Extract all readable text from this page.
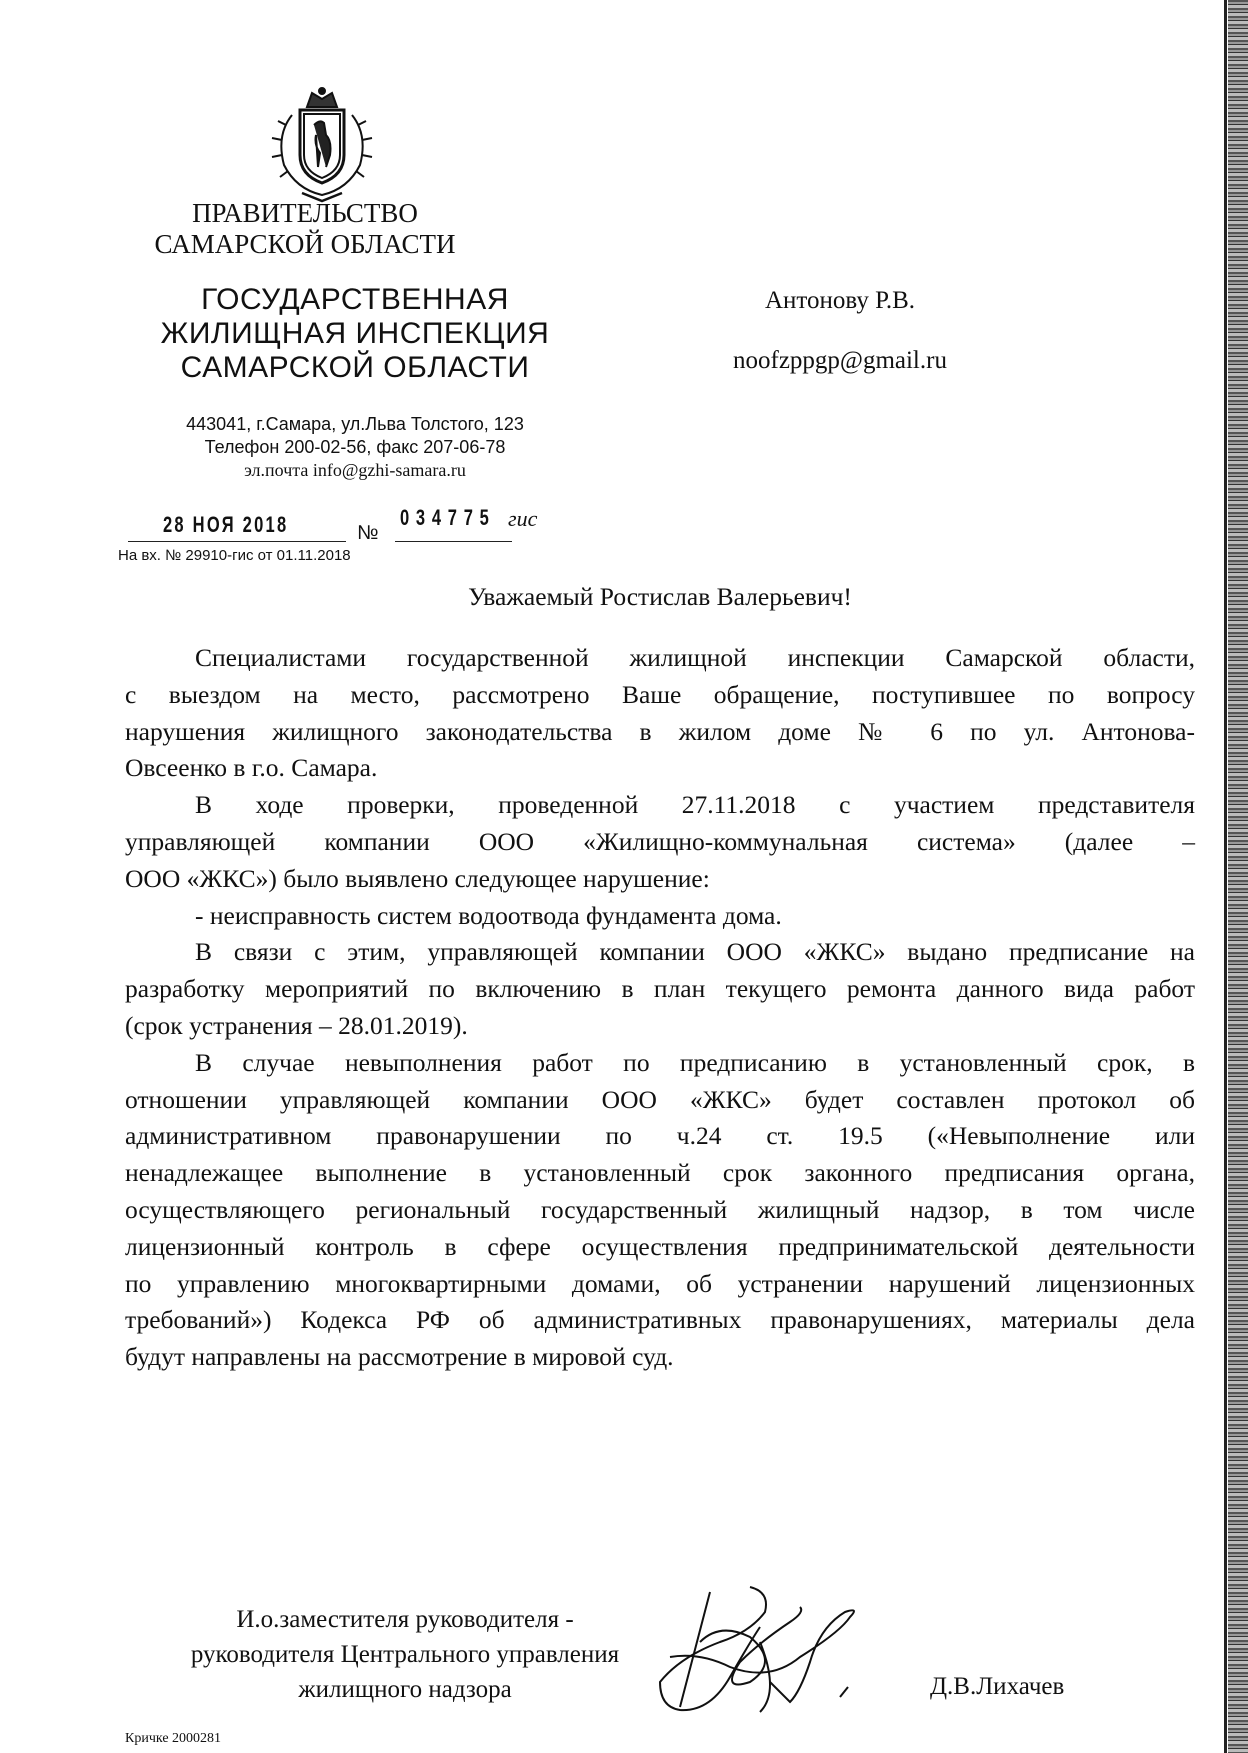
ПРАВИТЕЛЬСТВО
САМАРСКОЙ ОБЛАСТИ
ГОСУДАРСТВЕННАЯ
ЖИЛИЩНАЯ ИНСПЕКЦИЯ
САМАРСКОЙ ОБЛАСТИ
443041, г.Самара, ул.Льва Толстого, 123
Телефон 200-02-56, факс 207-06-78
эл.почта info@gzhi-samara.ru
28 НОЯ 2018	№
034775 гис
На вх. № 29910-гис от 01.11.2018
Антонову Р.В.
noofzppgp@gmail.ru
Уважаемый Ростислав Валерьевич!
Специалистами государственной жилищной инспекции Самарской области,
с выездом на место, рассмотрено Ваше обращение, поступившее по вопросу
нарушения жилищного законодательства в жилом доме № 6 по ул. Антонова-
Овсеенко в г.о. Самара.
В ходе проверки, проведенной 27.11.2018 с участием представителя
управляющей компании ООО «Жилищно-коммунальная система» (далее –
ООО «ЖКС») было выявлено следующее нарушение:
- неисправность систем водоотвода фундамента дома.
В связи с этим, управляющей компании ООО «ЖКС» выдано предписание на
разработку мероприятий по включению в план текущего ремонта данного вида работ
(срок устранения – 28.01.2019).
В случае невыполнения работ по предписанию в установленный срок, в
отношении управляющей компании ООО «ЖКС» будет составлен протокол об
административном правонарушении по ч.24 ст. 19.5 («Невыполнение или
ненадлежащее выполнение в установленный срок законного предписания органа,
осуществляющего региональный государственный жилищный надзор, в том числе
лицензионный контроль в сфере осуществления предпринимательской деятельности
по управлению многоквартирными домами, об устранении нарушений лицензионных
требований») Кодекса РФ об административных правонарушениях, материалы дела
будут направлены на рассмотрение в мировой суд.
И.о.заместителя руководителя -
руководителя Центрального управления
жилищного надзора	Д.В.Лихачев
Кричке 2000281
